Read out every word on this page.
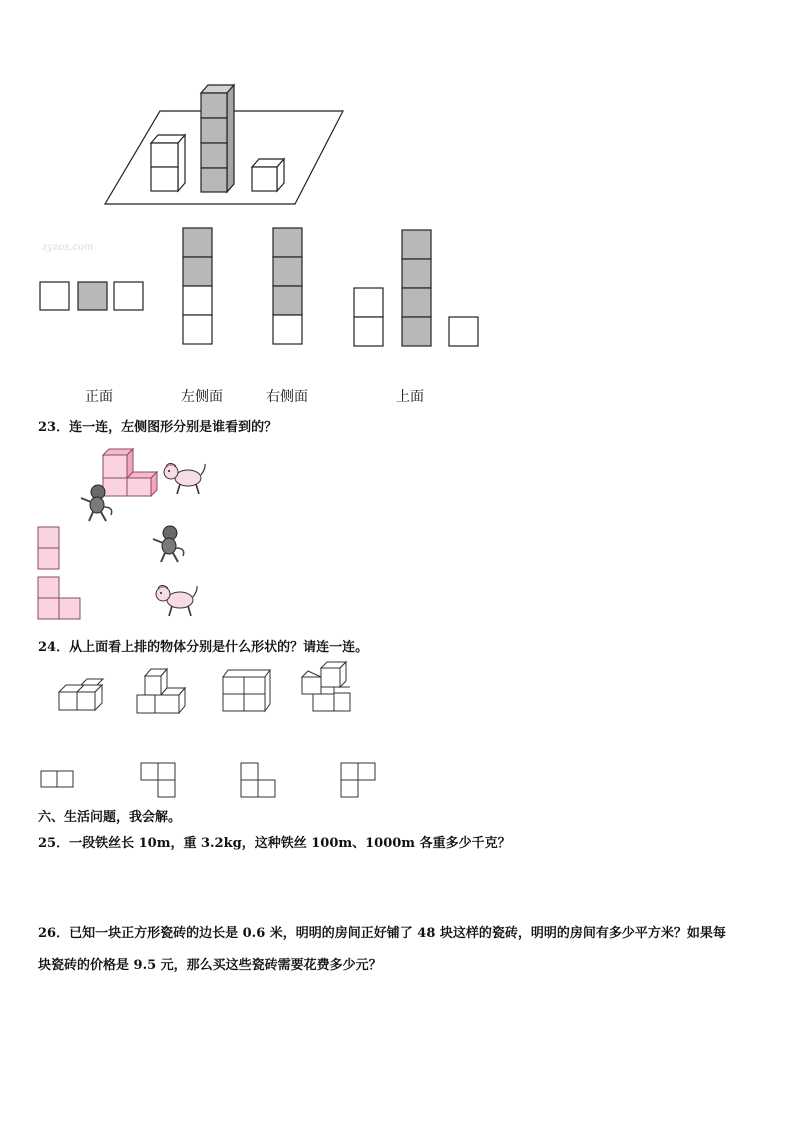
zyzos.com
正面	左侧面	右侧面	上面
23．连一连，左侧图形分别是谁看到的？
24．从上面看上排的物体分别是什么形状的？请连一连。
六、生活问题，我会解。
25．一段铁丝长 10m，重 3.2kg，这种铁丝 100m、1000m 各重多少千克？
26．已知一块正方形瓷砖的边长是 0.6 米，明明的房间正好铺了 48 块这样的瓷砖，明明的房间有多少平方米？如果每
块瓷砖的价格是 9.5 元，那么买这些瓷砖需要花费多少元？
